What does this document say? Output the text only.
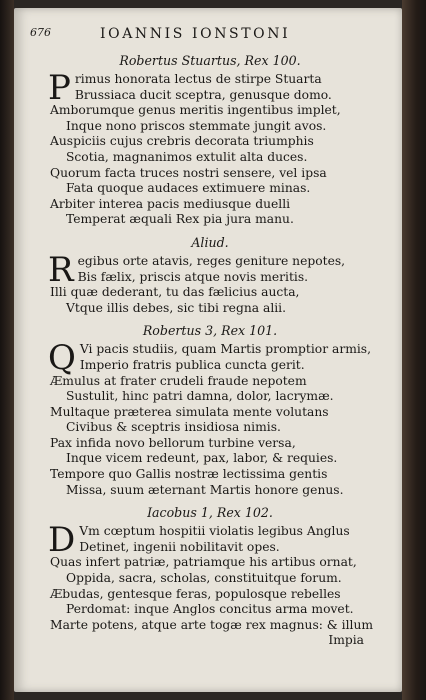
676	IOANNIS IONSTONI
Robertus Stuartus, Rex 100.
P rimus honorata lectus de stirpe Stuarta
Brussiaca ducit sceptra, genusque domo.
Amborumque genus meritis ingentibus implet,
Inque nono priscos stemmate jungit avos.
Auspiciis cujus crebris decorata triumphis
Scotia, magnanimos extulit alta duces.
Quorum facta truces nostri sensere, vel ipsa
Fata quoque audaces extimuere minas.
Arbiter interea pacis mediusque duelli
Temperat æquali Rex pia jura manu.
Aliud.
R egibus orte atavis, reges geniture nepotes,
Bis fælix, priscis atque novis meritis.
Illi quæ dederant, tu das fælicius aucta,
Vtque illis debes, sic tibi regna alii.
Robertus 3, Rex 101.
Q Vi pacis studiis, quam Martis promptior armis,
Imperio fratris publica cuncta gerit.
Æmulus at frater crudeli fraude nepotem
Sustulit, hinc patri damna, dolor, lacrymæ.
Multaque præterea simulata mente volutans
Civibus & sceptris insidiosa nimis.
Pax infida novo bellorum turbine versa,
Inque vicem redeunt, pax, labor, & requies.
Tempore quo Gallis nostræ lectissima gentis
Missa, suum æternant Martis honore genus.
Iacobus 1, Rex 102.
D Vm cœptum hospitii violatis legibus Anglus
Detinet, ingenii nobilitavit opes.
Quas infert patriæ, patriamque his artibus ornat,
Oppida, sacra, scholas, constituitque forum.
Æbudas, gentesque feras, populosque rebelles
Perdomat: inque Anglos concitus arma movet.
Marte potens, atque arte togæ rex magnus: & illum
Impia
